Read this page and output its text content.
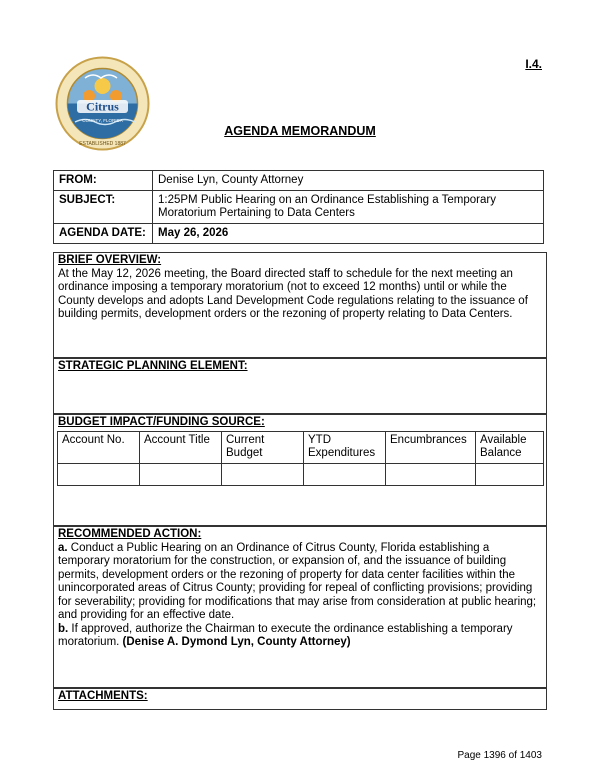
Citrus
COUNTY, FLORIDA
ESTABLISHED 1887
I.4.
AGENDA MEMORANDUM
FROM:	Denise Lyn, County Attorney
SUBJECT:	1:25PM Public Hearing on an Ordinance Establishing a Temporary Moratorium Pertaining to Data Centers
AGENDA DATE:	May 26, 2026
BRIEF OVERVIEW:
At the May 12, 2026 meeting, the Board directed staff to schedule for the next meeting an ordinance imposing a temporary moratorium (not to exceed 12 months) until or while the County develops and adopts Land Development Code regulations relating to the issuance of building permits, development orders or the rezoning of property relating to Data Centers.
STRATEGIC PLANNING ELEMENT:
BUDGET IMPACT/FUNDING SOURCE:
Account No.	Account Title	Current Budget	YTD Expenditures	Encumbrances	Available Balance

RECOMMENDED ACTION:
a. Conduct a Public Hearing on an Ordinance of Citrus County, Florida establishing a temporary moratorium for the construction, or expansion of, and the issuance of building permits, development orders or the rezoning of property for data center facilities within the unincorporated areas of Citrus County; providing for repeal of conflicting provisions; providing for severability; providing for modifications that may arise from consideration at public hearing; and providing for an effective date.
b. If approved, authorize the Chairman to execute the ordinance establishing a temporary moratorium. (Denise A. Dymond Lyn, County Attorney)
ATTACHMENTS:
Page 1396 of 1403
